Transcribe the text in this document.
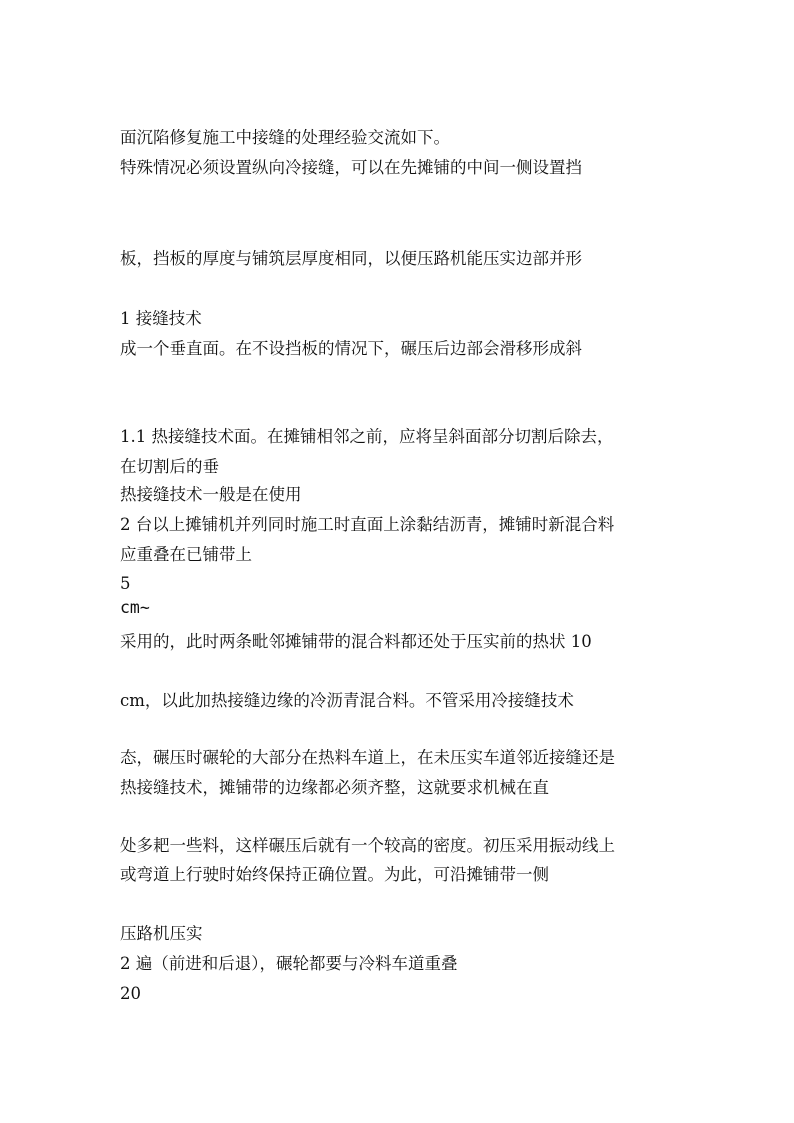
面沉陷修复施工中接缝的处理经验交流如下。
特殊情况必须设置纵向冷接缝，可以在先摊铺的中间一侧设置挡
板，挡板的厚度与铺筑层厚度相同，以便压路机能压实边部并形
1 接缝技术
成一个垂直面。在不设挡板的情况下，碾压后边部会滑移形成斜
1.1 热接缝技术面。在摊铺相邻之前，应将呈斜面部分切割后除去，
在切割后的垂
热接缝技术一般是在使用
2 台以上摊铺机并列同时施工时直面上涂黏结沥青，摊铺时新混合料
应重叠在已铺带上
5
cm~
采用的，此时两条毗邻摊铺带的混合料都还处于压实前的热状 10
cm，以此加热接缝边缘的冷沥青混合料。不管采用冷接缝技术
态，碾压时碾轮的大部分在热料车道上，在未压实车道邻近接缝还是
热接缝技术，摊铺带的边缘都必须齐整，这就要求机械在直
处多耙一些料，这样碾压后就有一个较高的密度。初压采用振动线上
或弯道上行驶时始终保持正确位置。为此，可沿摊铺带一侧
压路机压实
2 遍（前进和后退），碾轮都要与冷料车道重叠
20
